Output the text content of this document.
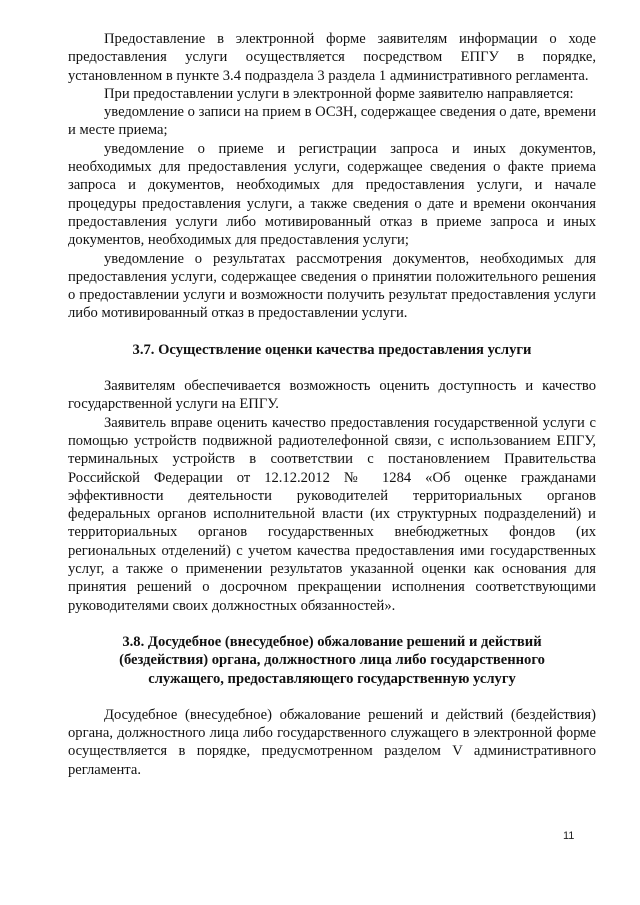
Предоставление в электронной форме заявителям информации о ходе предоставления услуги осуществляется посредством ЕПГУ в порядке, установленном в пункте 3.4 подраздела 3 раздела 1 административного регламента.

При предоставлении услуги в электронной форме заявителю направляется:

уведомление о записи на прием в ОСЗН, содержащее сведения о дате, времени и месте приема;

уведомление о приеме и регистрации запроса и иных документов, необходимых для предоставления услуги, содержащее сведения о факте приема запроса и документов, необходимых для предоставления услуги, и начале процедуры предоставления услуги, а также сведения о дате и времени окончания предоставления услуги либо мотивированный отказ в приеме запроса и иных документов, необходимых для предоставления услуги;

уведомление о результатах рассмотрения документов, необходимых для предоставления услуги, содержащее сведения о принятии положительного решения о предоставлении услуги и возможности получить результат предоставления услуги либо мотивированный отказ в предоставлении услуги.

3.7. Осуществление оценки качества предоставления услуги

Заявителям обеспечивается возможность оценить доступность и качество государственной услуги на ЕПГУ.

Заявитель вправе оценить качество предоставления государственной услуги с помощью устройств подвижной радиотелефонной связи, с использованием ЕПГУ, терминальных устройств в соответствии с постановлением Правительства Российской Федерации от 12.12.2012 № 1284 «Об оценке гражданами эффективности деятельности руководителей территориальных органов федеральных органов исполнительной власти (их структурных подразделений) и территориальных органов государственных внебюджетных фондов (их региональных отделений) с учетом качества предоставления ими государственных услуг, а также о применении результатов указанной оценки как основания для принятия решений о досрочном прекращении исполнения соответствующими руководителями своих должностных обязанностей».

3.8. Досудебное (внесудебное) обжалование решений и действий
(бездействия) органа, должностного лица либо государственного
служащего, предоставляющего государственную услугу

Досудебное (внесудебное) обжалование решений и действий (бездействия) органа, должностного лица либо государственного служащего в электронной форме осуществляется в порядке, предусмотренном разделом V административного регламента.

11
